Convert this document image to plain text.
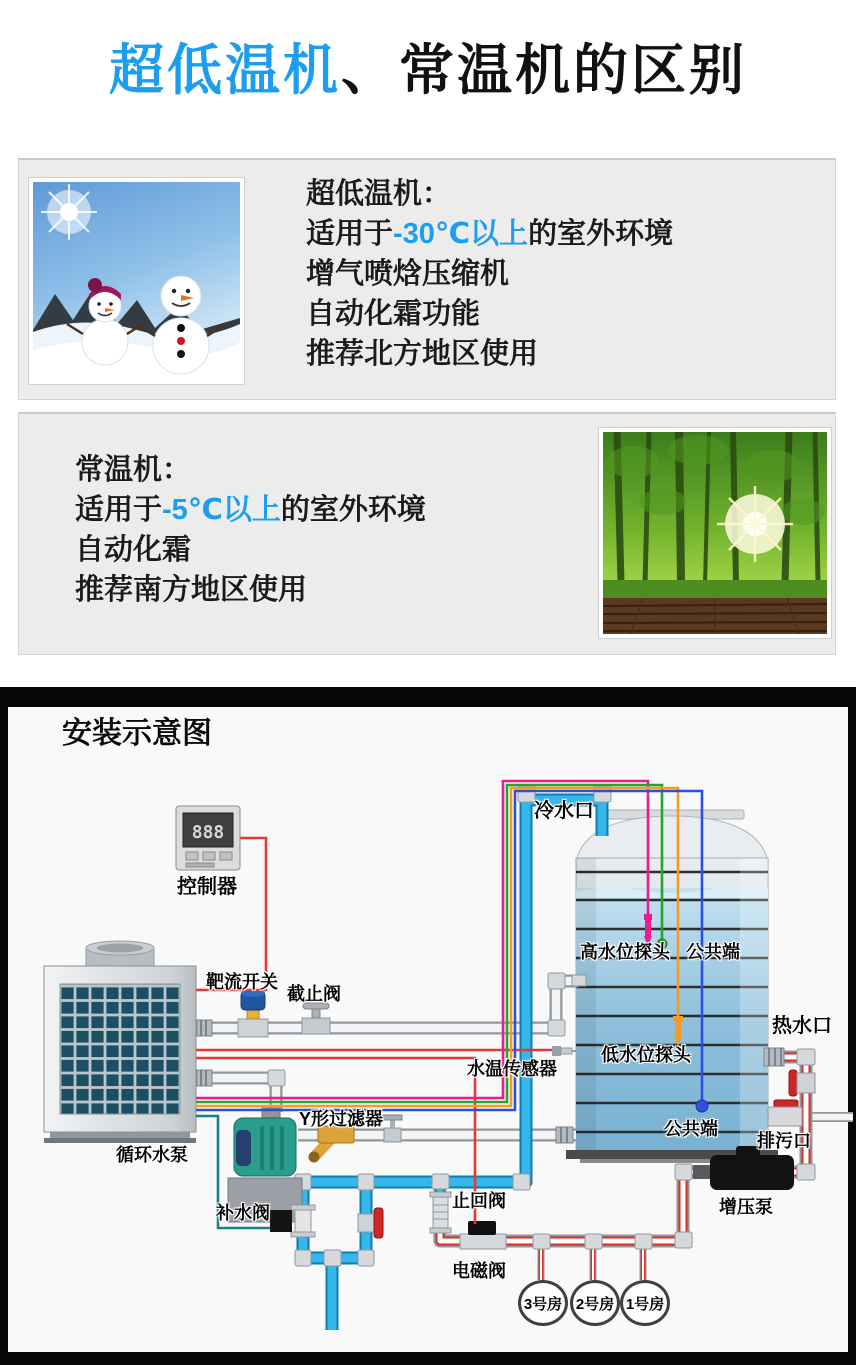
超低温机、常温机的区别
超低温机：
适用于-30℃以上的室外环境
增气喷焓压缩机
自动化霜功能
推荐北方地区使用
常温机：
适用于-5℃以上的室外环境
自动化霜
推荐南方地区使用
888
安装示意图
控制器
靶流开关
截止阀
冷水口
高水位探头 公共端
低水位探头
公共端
热水口
水温传感器
Y形过滤器
循环水泵
补水阀
止回阀
电磁阀
增压泵
排污口
3号房 2号房 1号房
